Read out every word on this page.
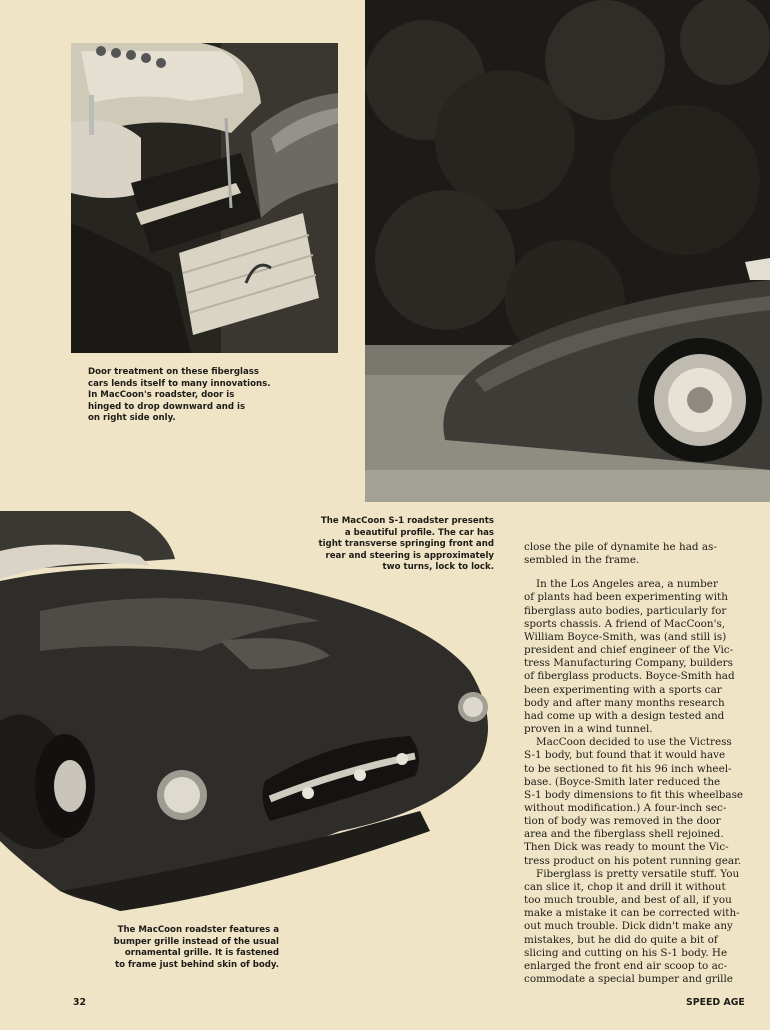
Door treatment on these fiberglass
cars lends itself to many innovations.
In MacCoon's roadster, door is
hinged to drop downward and is
on right side only.
The MacCoon S-1 roadster presents
a beautiful profile. The car has
tight transverse springing front and
rear and steering is approximately
two turns, lock to lock.
The MacCoon roadster features a
bumper grille instead of the usual
ornamental grille. It is fastened
to frame just behind skin of body.
close the pile of dynamite he had as-
sembled in the frame.
In the Los Angeles area, a number
of plants had been experimenting with
fiberglass auto bodies, particularly for
sports chassis. A friend of MacCoon's,
William Boyce-Smith, was (and still is)
president and chief engineer of the Vic-
tress Manufacturing Company, builders
of fiberglass products. Boyce-Smith had
been experimenting with a sports car
body and after many months research
had come up with a design tested and
proven in a wind tunnel.
MacCoon decided to use the Victress
S-1 body, but found that it would have
to be sectioned to fit his 96 inch wheel-
base. (Boyce-Smith later reduced the
S-1 body dimensions to fit this wheelbase
without modification.) A four-inch sec-
tion of body was removed in the door
area and the fiberglass shell rejoined.
Then Dick was ready to mount the Vic-
tress product on his potent running gear.
Fiberglass is pretty versatile stuff. You
can slice it, chop it and drill it without
too much trouble, and best of all, if you
make a mistake it can be corrected with-
out much trouble. Dick didn't make any
mistakes, but he did do quite a bit of
slicing and cutting on his S-1 body. He
enlarged the front end air scoop to ac-
commodate a special bumper and grille
32	SPEED AGE
